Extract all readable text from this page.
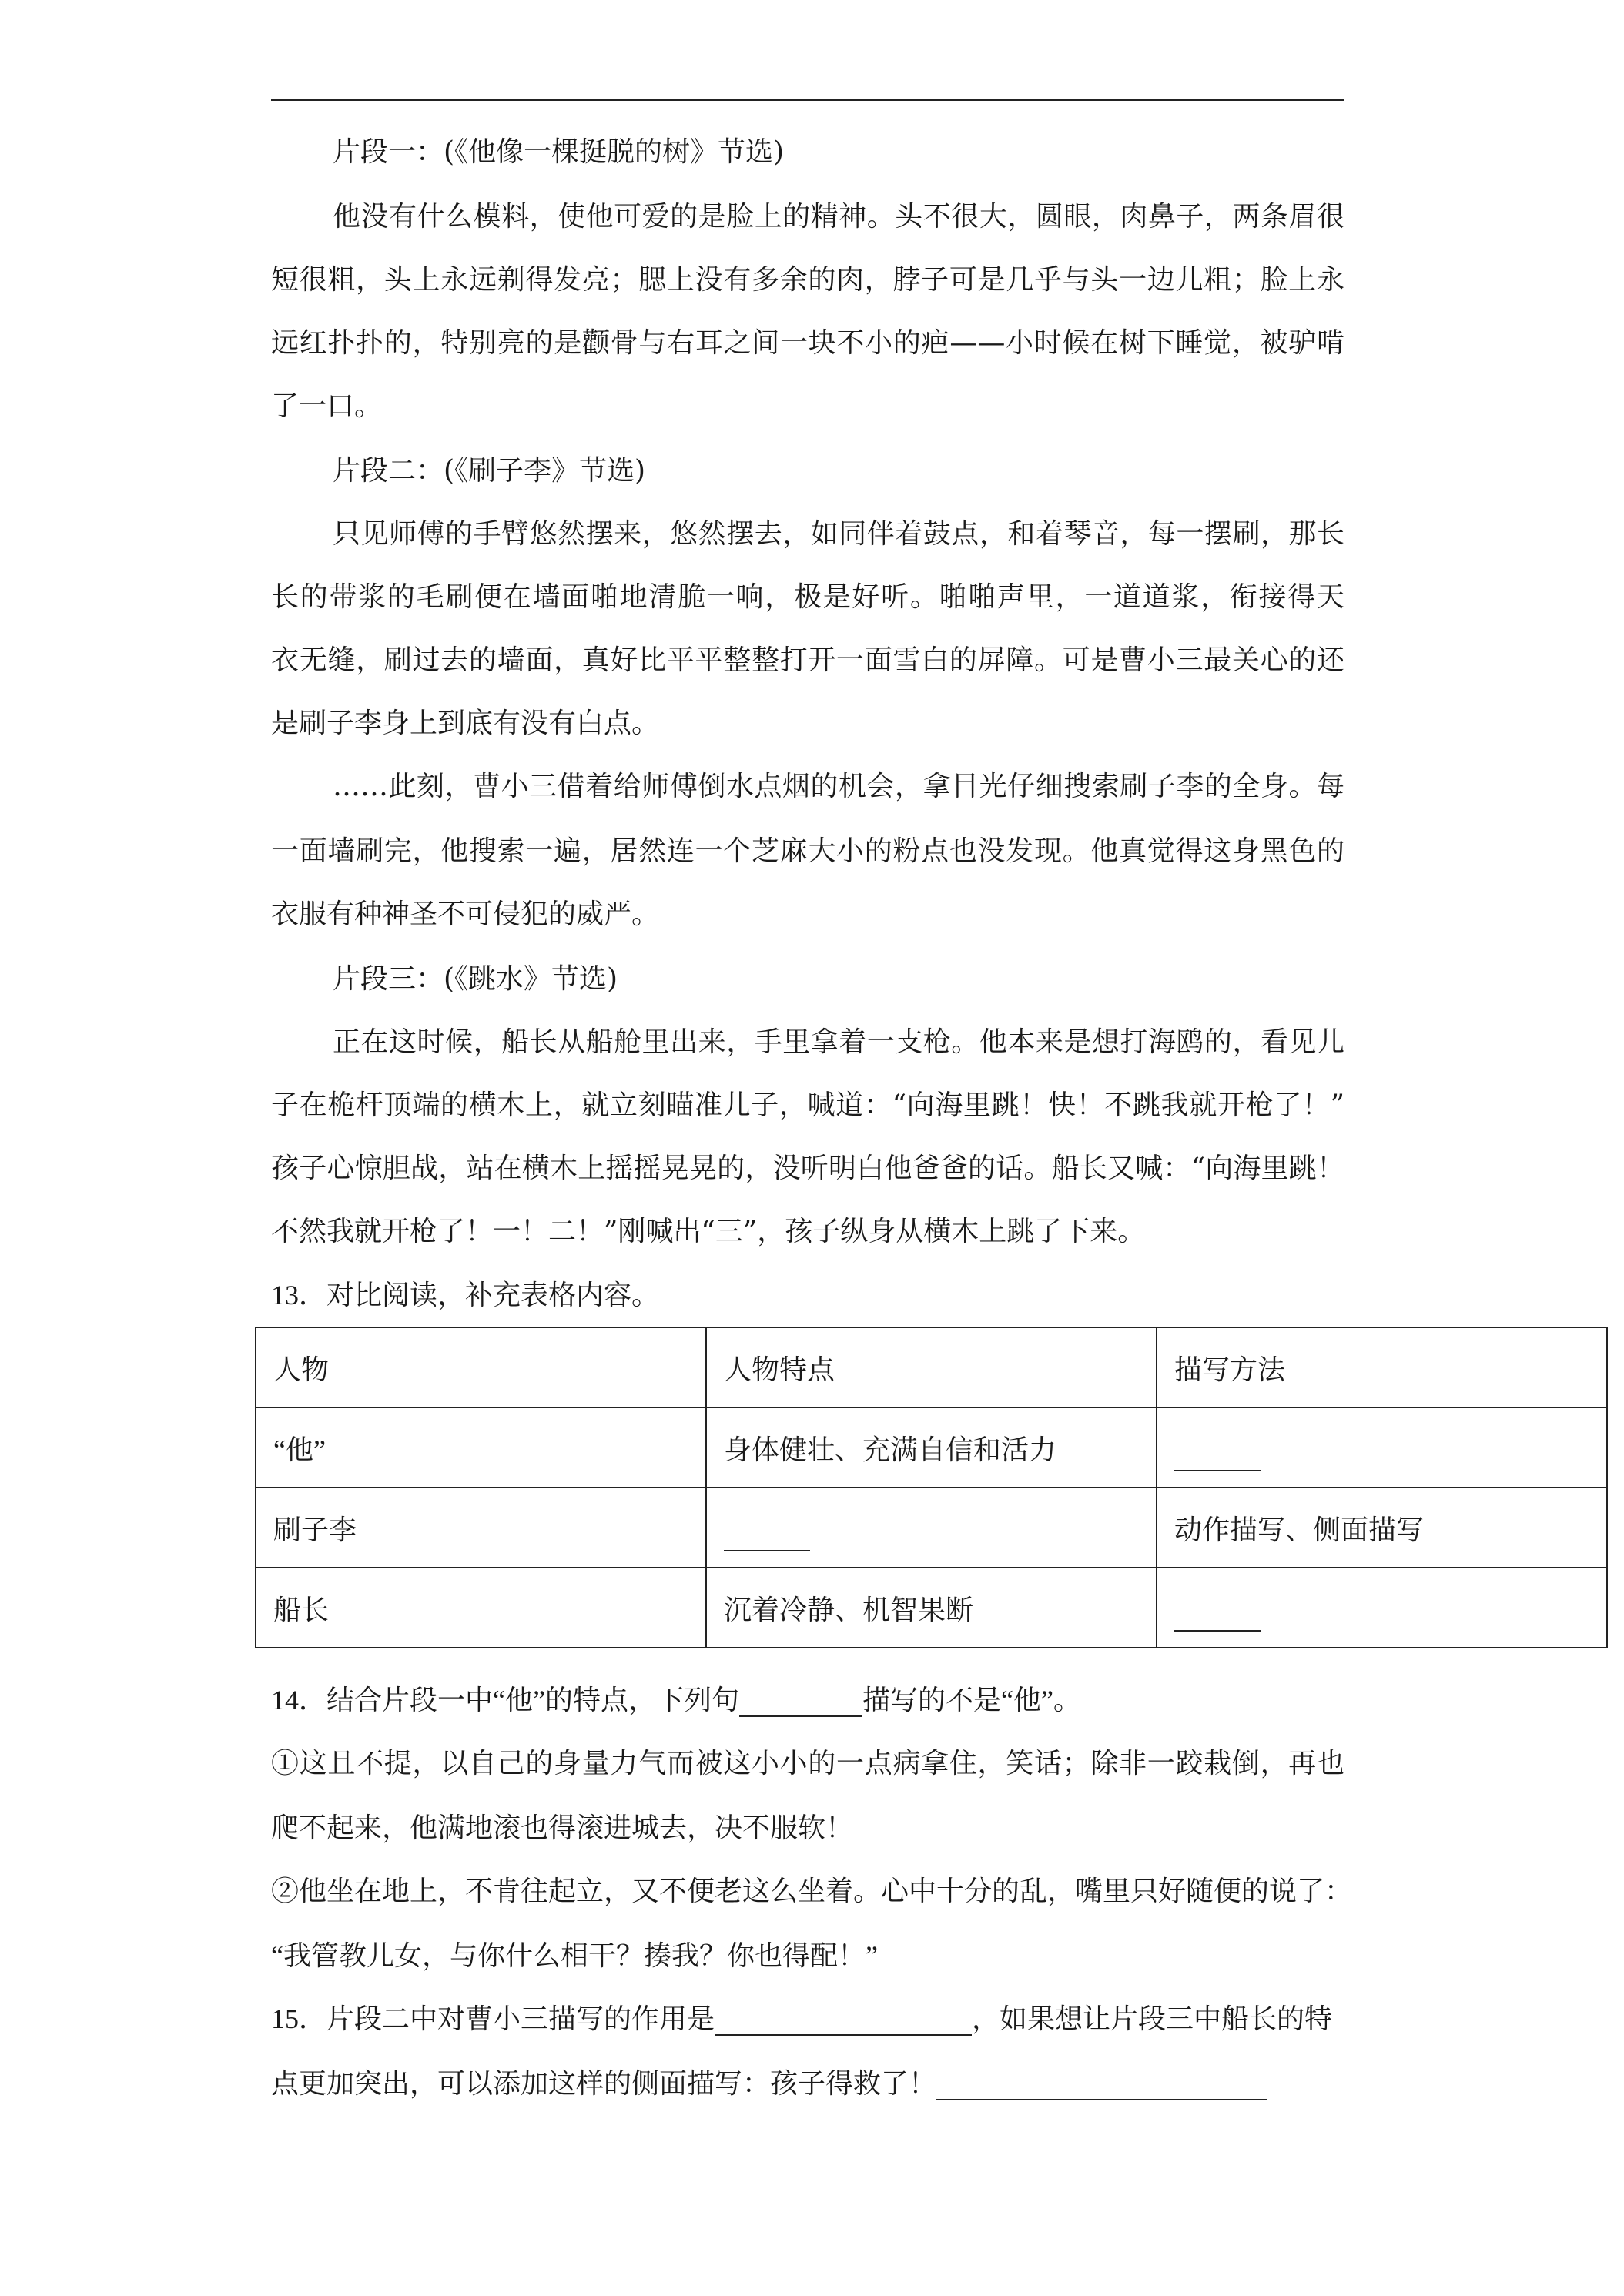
片段一：(《他像一棵挺脱的树》节选)
他没有什么模料，使他可爱的是脸上的精神。头不很大，圆眼，肉鼻子，两条眉很
短很粗，头上永远剃得发亮；腮上没有多余的肉，脖子可是几乎与头一边儿粗；脸上永
远红扑扑的，特别亮的是颧骨与右耳之间一块不小的疤——小时候在树下睡觉，被驴啃
了一口。
片段二：(《刷子李》节选)
只见师傅的手臂悠然摆来，悠然摆去，如同伴着鼓点，和着琴音，每一摆刷，那长
长的带浆的毛刷便在墙面啪地清脆一响，极是好听。啪啪声里，一道道浆，衔接得天
衣无缝，刷过去的墙面，真好比平平整整打开一面雪白的屏障。可是曹小三最关心的还
是刷子李身上到底有没有白点。
……此刻，曹小三借着给师傅倒水点烟的机会，拿目光仔细搜索刷子李的全身。每
一面墙刷完，他搜索一遍，居然连一个芝麻大小的粉点也没发现。他真觉得这身黑色的
衣服有种神圣不可侵犯的威严。
片段三：(《跳水》节选)
正在这时候，船长从船舱里出来，手里拿着一支枪。他本来是想打海鸥的，看见儿
子在桅杆顶端的横木上，就立刻瞄准儿子，喊道：“向海里跳！快！不跳我就开枪了！”
孩子心惊胆战，站在横木上摇摇晃晃的，没听明白他爸爸的话。船长又喊：“向海里跳！
不然我就开枪了！一！二！”刚喊出“三”，孩子纵身从横木上跳了下来。
13．对比阅读，补充表格内容。
人物	人物特点	描写方法
“他”	身体健壮、充满自信和活力	
刷子李		动作描写、侧面描写
船长	沉着冷静、机智果断	
14．结合片段一中“他”的特点，下列句	描写的不是“他”。
①这且不提，以自己的身量力气而被这小小的一点病拿住，笑话；除非一跤栽倒，再也
爬不起来，他满地滚也得滚进城去，决不服软！
②他坐在地上，不肯往起立，又不便老这么坐着。心中十分的乱，嘴里只好随便的说了：
“我管教儿女，与你什么相干？揍我？你也得配！”
15．片段二中对曹小三描写的作用是	，如果想让片段三中船长的特
点更加突出，可以添加这样的侧面描写：孩子得救了！
